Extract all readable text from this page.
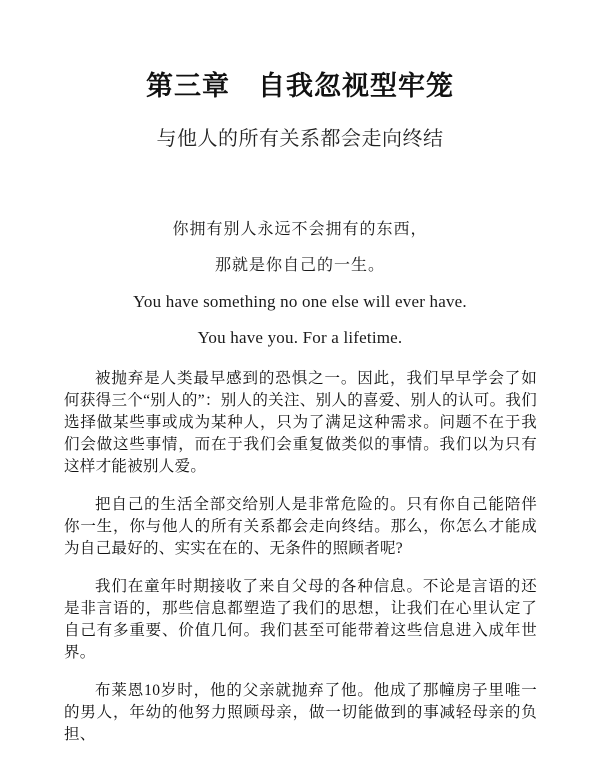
第三章　自我忽视型牢笼
与他人的所有关系都会走向终结

你拥有别人永远不会拥有的东西，

那就是你自己的一生。

You have something no one else will ever have.

You have you. For a lifetime.

被抛弃是人类最早感到的恐惧之一。因此，我们早早学会了如何获得三个“别人的”：别人的关注、别人的喜爱、别人的认可。我们选择做某些事或成为某种人，只为了满足这种需求。问题不在于我们会做这些事情，而在于我们会重复做类似的事情。我们以为只有这样才能被别人爱。

把自己的生活全部交给别人是非常危险的。只有你自己能陪伴你一生，你与他人的所有关系都会走向终结。那么，你怎么才能成为自己最好的、实实在在的、无条件的照顾者呢?

我们在童年时期接收了来自父母的各种信息。不论是言语的还是非言语的，那些信息都塑造了我们的思想，让我们在心里认定了自己有多重要、价值几何。我们甚至可能带着这些信息进入成年世界。

布莱恩10岁时，他的父亲就抛弃了他。他成了那幢房子里唯一的男人，年幼的他努力照顾母亲，做一切能做到的事减轻母亲的负担、
